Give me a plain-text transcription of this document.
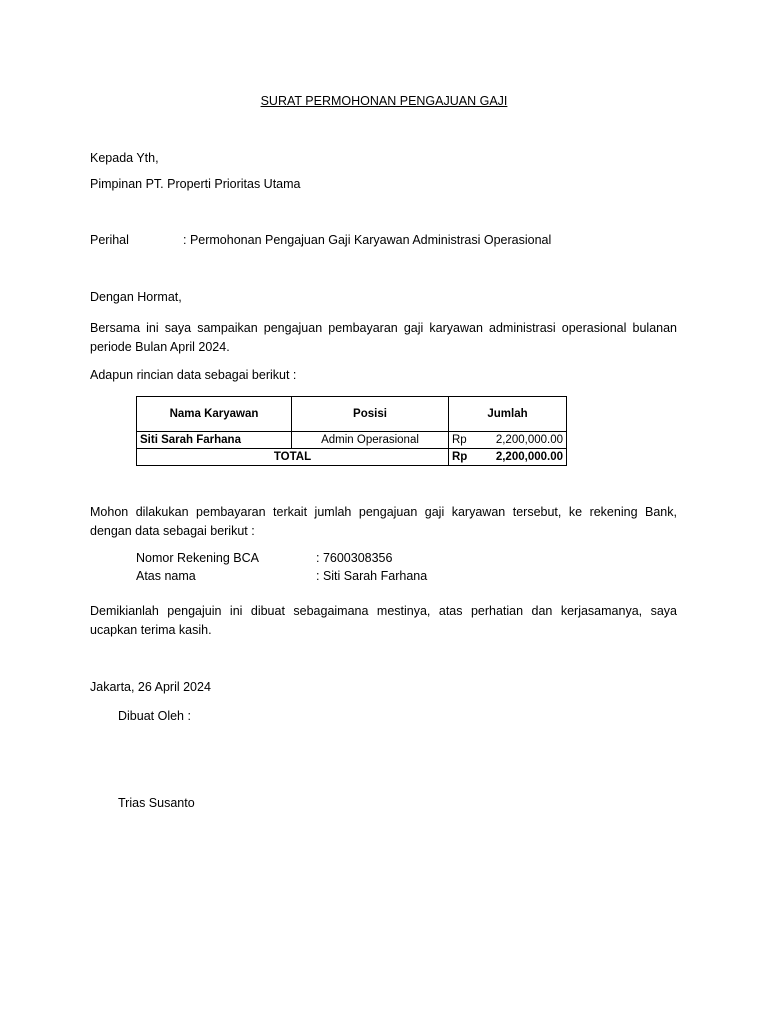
SURAT PERMOHONAN PENGAJUAN GAJI
Kepada Yth,
Pimpinan PT. Properti Prioritas Utama
Perihal	: Permohonan Pengajuan Gaji Karyawan Administrasi Operasional
Dengan Hormat,
Bersama ini saya sampaikan pengajuan pembayaran gaji karyawan administrasi operasional bulanan periode Bulan April 2024.
Adapun rincian data sebagai berikut :
Nama Karyawan	Posisi	Jumlah	
Siti Sarah Farhana	Admin Operasional	Rp	2,200,000.00
TOTAL		Rp	2,200,000.00
Mohon dilakukan pembayaran terkait jumlah pengajuan gaji karyawan tersebut, ke rekening Bank, dengan data sebagai berikut :
Nomor Rekening BCA	: 7600308356
Atas nama	: Siti Sarah Farhana
Demikianlah pengajuin ini dibuat sebagaimana mestinya, atas perhatian dan kerjasamanya, saya ucapkan terima kasih.
Jakarta, 26 April 2024
Dibuat Oleh :
Trias Susanto
